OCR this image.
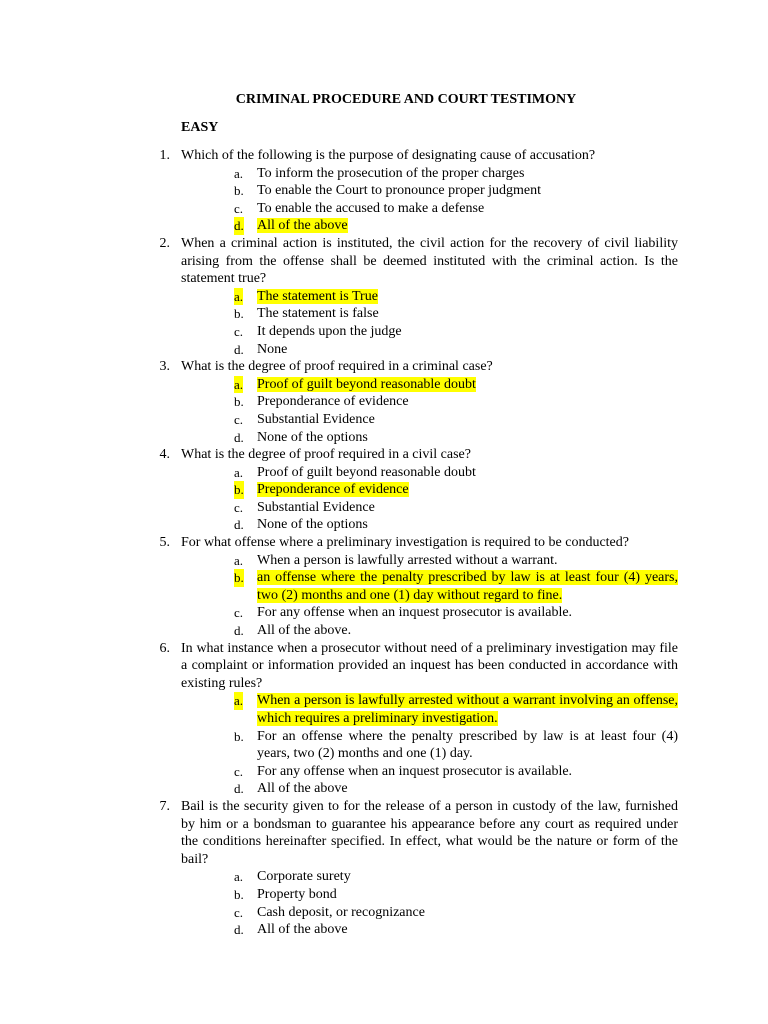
CRIMINAL PROCEDURE AND COURT TESTIMONY
EASY
1. Which of the following is the purpose of designating cause of accusation?
a. To inform the prosecution of the proper charges
b. To enable the Court to pronounce proper judgment
c. To enable the accused to make a defense
d. All of the above
2. When a criminal action is instituted, the civil action for the recovery of civil liability arising from the offense shall be deemed instituted with the criminal action. Is the statement true?
a. The statement is True
b. The statement is false
c. It depends upon the judge
d. None
3. What is the degree of proof required in a criminal case?
a. Proof of guilt beyond reasonable doubt
b. Preponderance of evidence
c. Substantial Evidence
d. None of the options
4. What is the degree of proof required in a civil case?
a. Proof of guilt beyond reasonable doubt
b. Preponderance of evidence
c. Substantial Evidence
d. None of the options
5. For what offense where a preliminary investigation is required to be conducted?
a. When a person is lawfully arrested without a warrant.
b. an offense where the penalty prescribed by law is at least four (4) years, two (2) months and one (1) day without regard to fine.
c. For any offense when an inquest prosecutor is available.
d. All of the above.
6. In what instance when a prosecutor without need of a preliminary investigation may file a complaint or information provided an inquest has been conducted in accordance with existing rules?
a. When a person is lawfully arrested without a warrant involving an offense, which requires a preliminary investigation.
b. For an offense where the penalty prescribed by law is at least four (4) years, two (2) months and one (1) day.
c. For any offense when an inquest prosecutor is available.
d. All of the above
7. Bail is the security given to for the release of a person in custody of the law, furnished by him or a bondsman to guarantee his appearance before any court as required under the conditions hereinafter specified. In effect, what would be the nature or form of the bail?
a. Corporate surety
b. Property bond
c. Cash deposit, or recognizance
d. All of the above
